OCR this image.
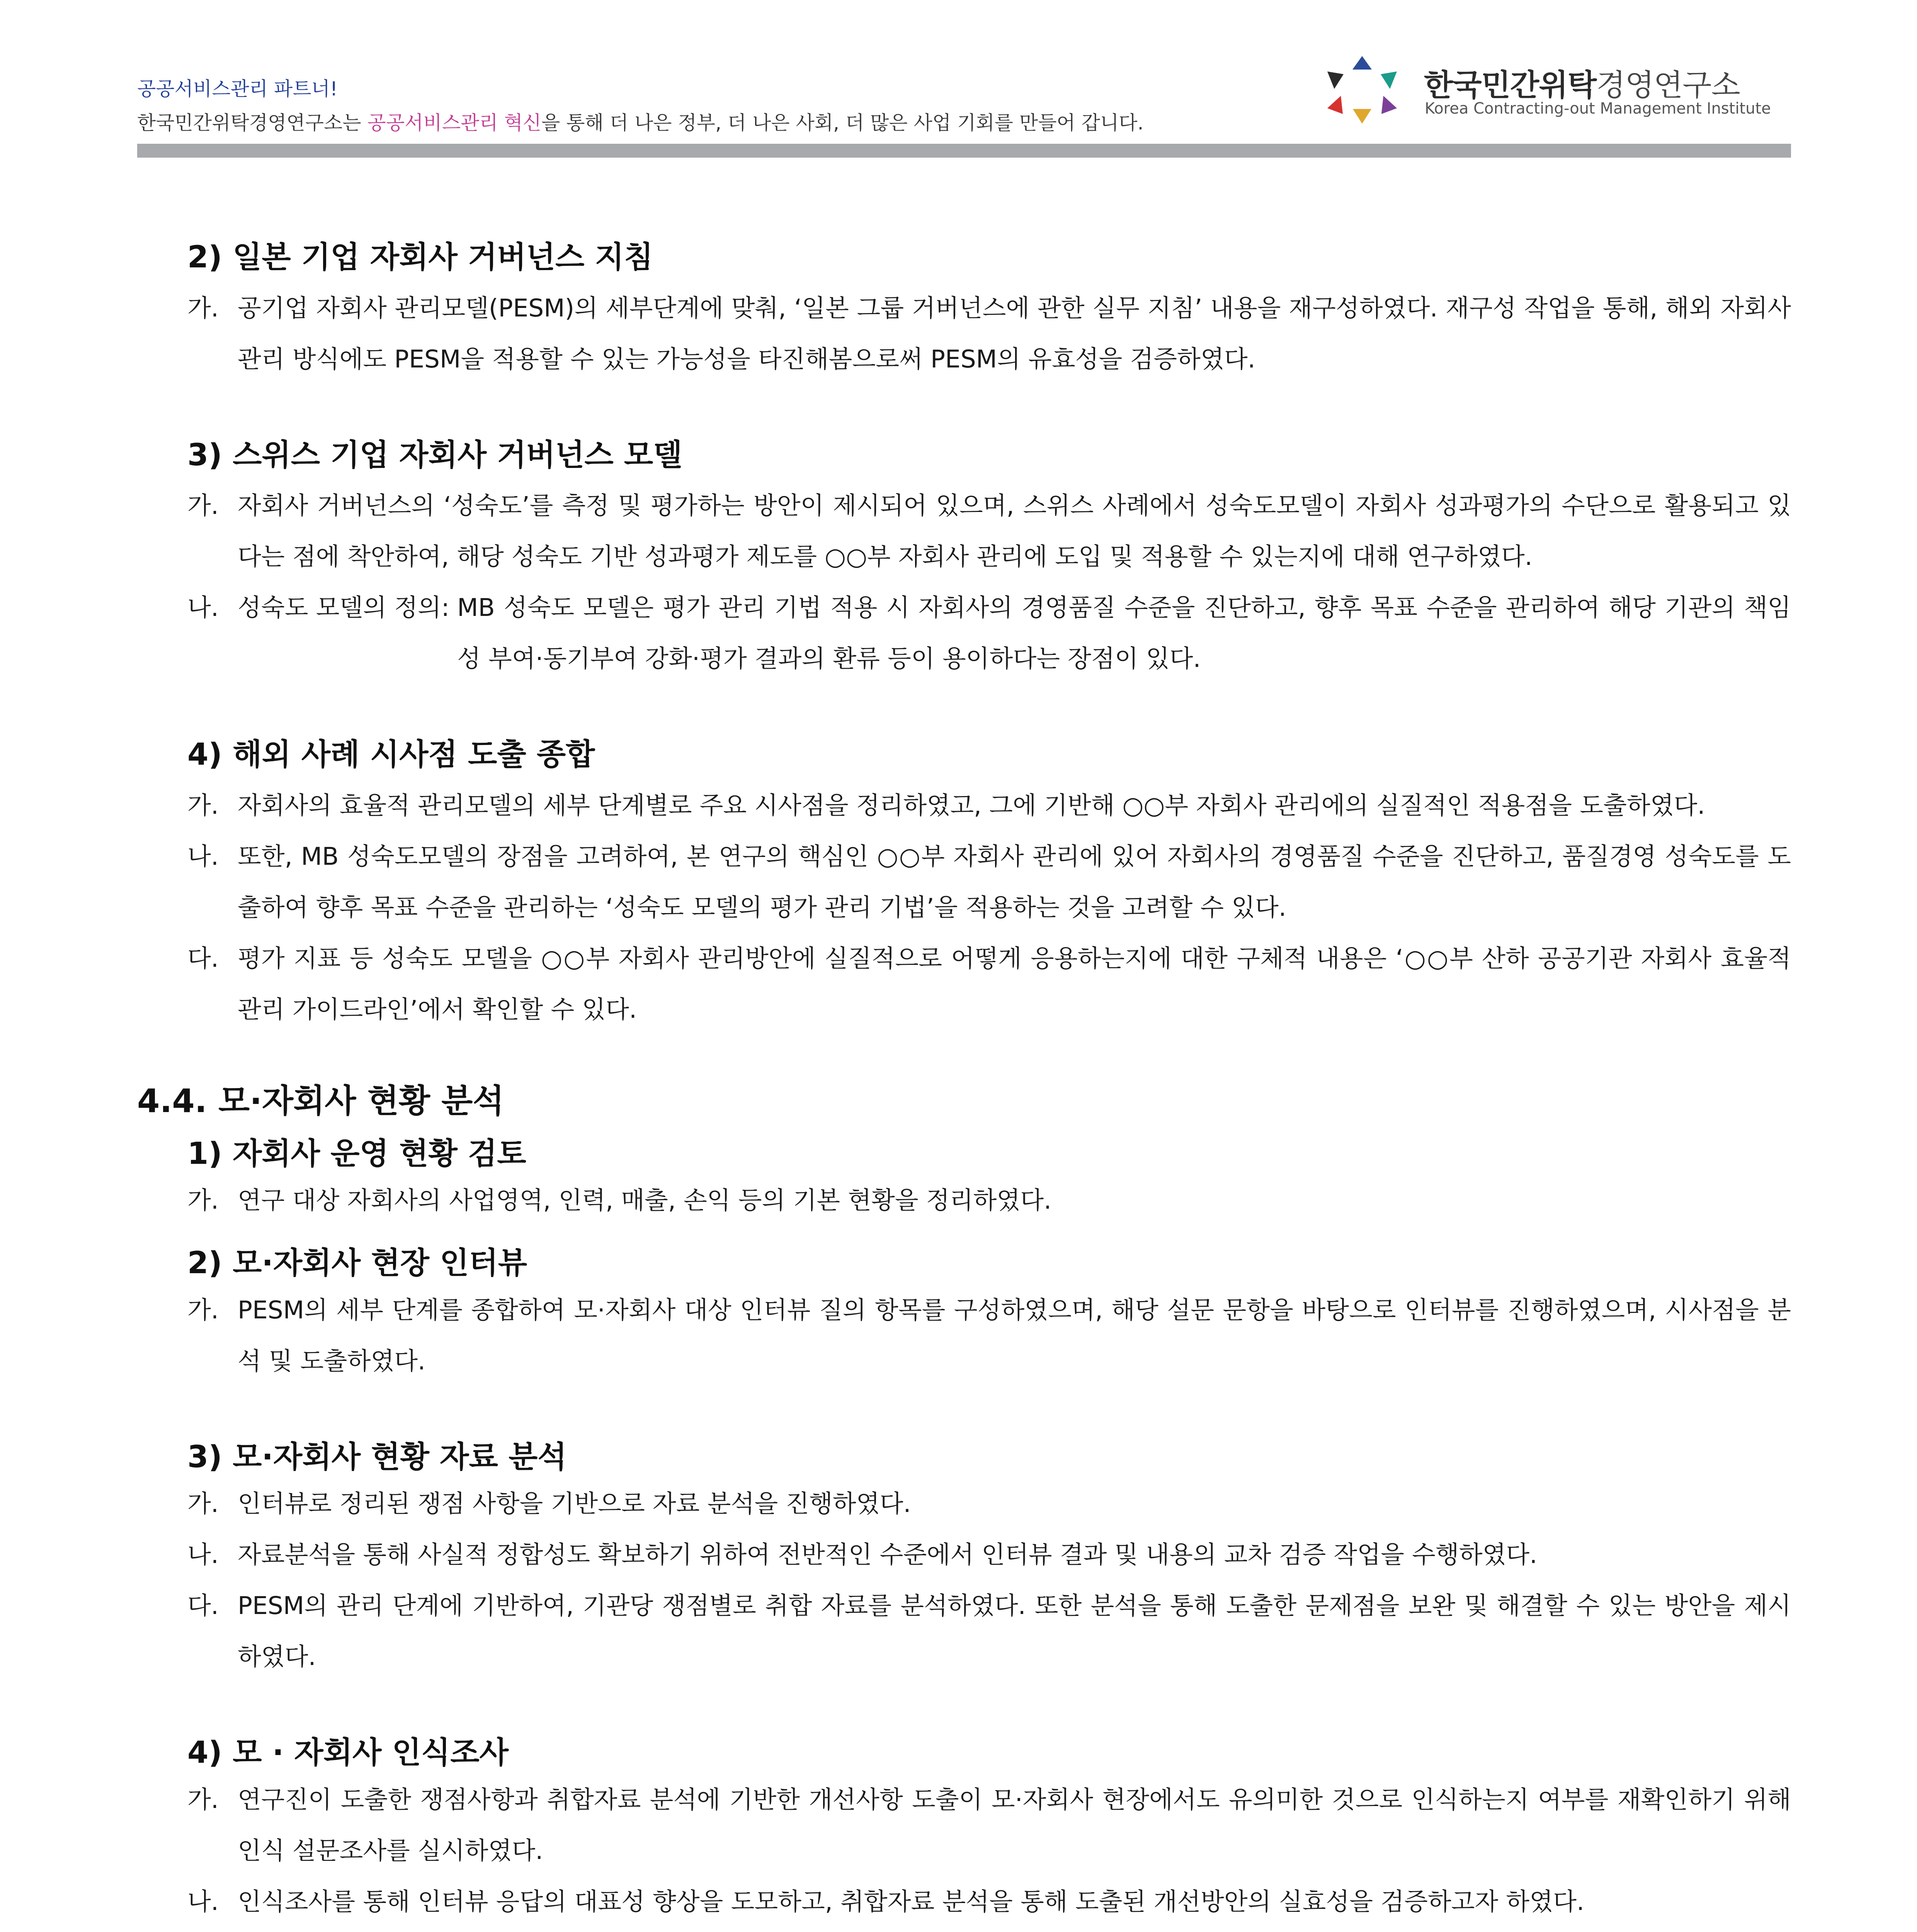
공공서비스관리 파트너!
한국민간위탁경영연구소는 공공서비스관리 혁신을 통해 더 나은 정부, 더 나은 사회, 더 많은 사업 기회를 만들어 갑니다.
한국민간위탁경영연구소
Korea Contracting-out Management Institute
2) 일본 기업 자회사 거버넌스 지침
가. 공기업 자회사 관리모델(PESM)의 세부단계에 맞춰, ‘일본 그룹 거버넌스에 관한 실무 지침’ 내용을 재구성하였다. 재구성 작업을 통해, 해외 자회사 관리 방식에도 PESM을 적용할 수 있는 가능성을 타진해봄으로써 PESM의 유효성을 검증하였다.
3) 스위스 기업 자회사 거버넌스 모델
가. 자회사 거버넌스의 ‘성숙도’를 측정 및 평가하는 방안이 제시되어 있으며, 스위스 사례에서 성숙도모델이 자회사 성과평가의 수단으로 활용되고 있다는 점에 착안하여, 해당 성숙도 기반 성과평가 제도를 ○○부 자회사 관리에 도입 및 적용할 수 있는지에 대해 연구하였다.
나. 성숙도 모델의 정의: MB 성숙도 모델은 평가 관리 기법 적용 시 자회사의 경영품질 수준을 진단하고, 향후 목표 수준을 관리하여 해당 기관의 책임성 부여·동기부여 강화·평가 결과의 환류 등이 용이하다는 장점이 있다.
4) 해외 사례 시사점 도출 종합
가. 자회사의 효율적 관리모델의 세부 단계별로 주요 시사점을 정리하였고, 그에 기반해 ○○부 자회사 관리에의 실질적인 적용점을 도출하였다.
나. 또한, MB 성숙도모델의 장점을 고려하여, 본 연구의 핵심인 ○○부 자회사 관리에 있어 자회사의 경영품질 수준을 진단하고, 품질경영 성숙도를 도출하여 향후 목표 수준을 관리하는 ‘성숙도 모델의 평가 관리 기법’을 적용하는 것을 고려할 수 있다.
다. 평가 지표 등 성숙도 모델을 ○○부 자회사 관리방안에 실질적으로 어떻게 응용하는지에 대한 구체적 내용은 ‘○○부 산하 공공기관 자회사 효율적 관리 가이드라인’에서 확인할 수 있다.
4.4. 모·자회사 현황 분석
1) 자회사 운영 현황 검토
가. 연구 대상 자회사의 사업영역, 인력, 매출, 손익 등의 기본 현황을 정리하였다.
2) 모·자회사 현장 인터뷰
가. PESM의 세부 단계를 종합하여 모·자회사 대상 인터뷰 질의 항목를 구성하였으며, 해당 설문 문항을 바탕으로 인터뷰를 진행하였으며, 시사점을 분석 및 도출하였다.
3) 모·자회사 현황 자료 분석
가. 인터뷰로 정리된 쟁점 사항을 기반으로 자료 분석을 진행하였다.
나. 자료분석을 통해 사실적 정합성도 확보하기 위하여 전반적인 수준에서 인터뷰 결과 및 내용의 교차 검증 작업을 수행하였다.
다. PESM의 관리 단계에 기반하여, 기관당 쟁점별로 취합 자료를 분석하였다. 또한 분석을 통해 도출한 문제점을 보완 및 해결할 수 있는 방안을 제시하였다.
4) 모 · 자회사 인식조사
가. 연구진이 도출한 쟁점사항과 취합자료 분석에 기반한 개선사항 도출이 모·자회사 현장에서도 유의미한 것으로 인식하는지 여부를 재확인하기 위해 인식 설문조사를 실시하였다.
나. 인식조사를 통해 인터뷰 응답의 대표성 향상을 도모하고, 취합자료 분석을 통해 도출된 개선방안의 실효성을 검증하고자 하였다.
